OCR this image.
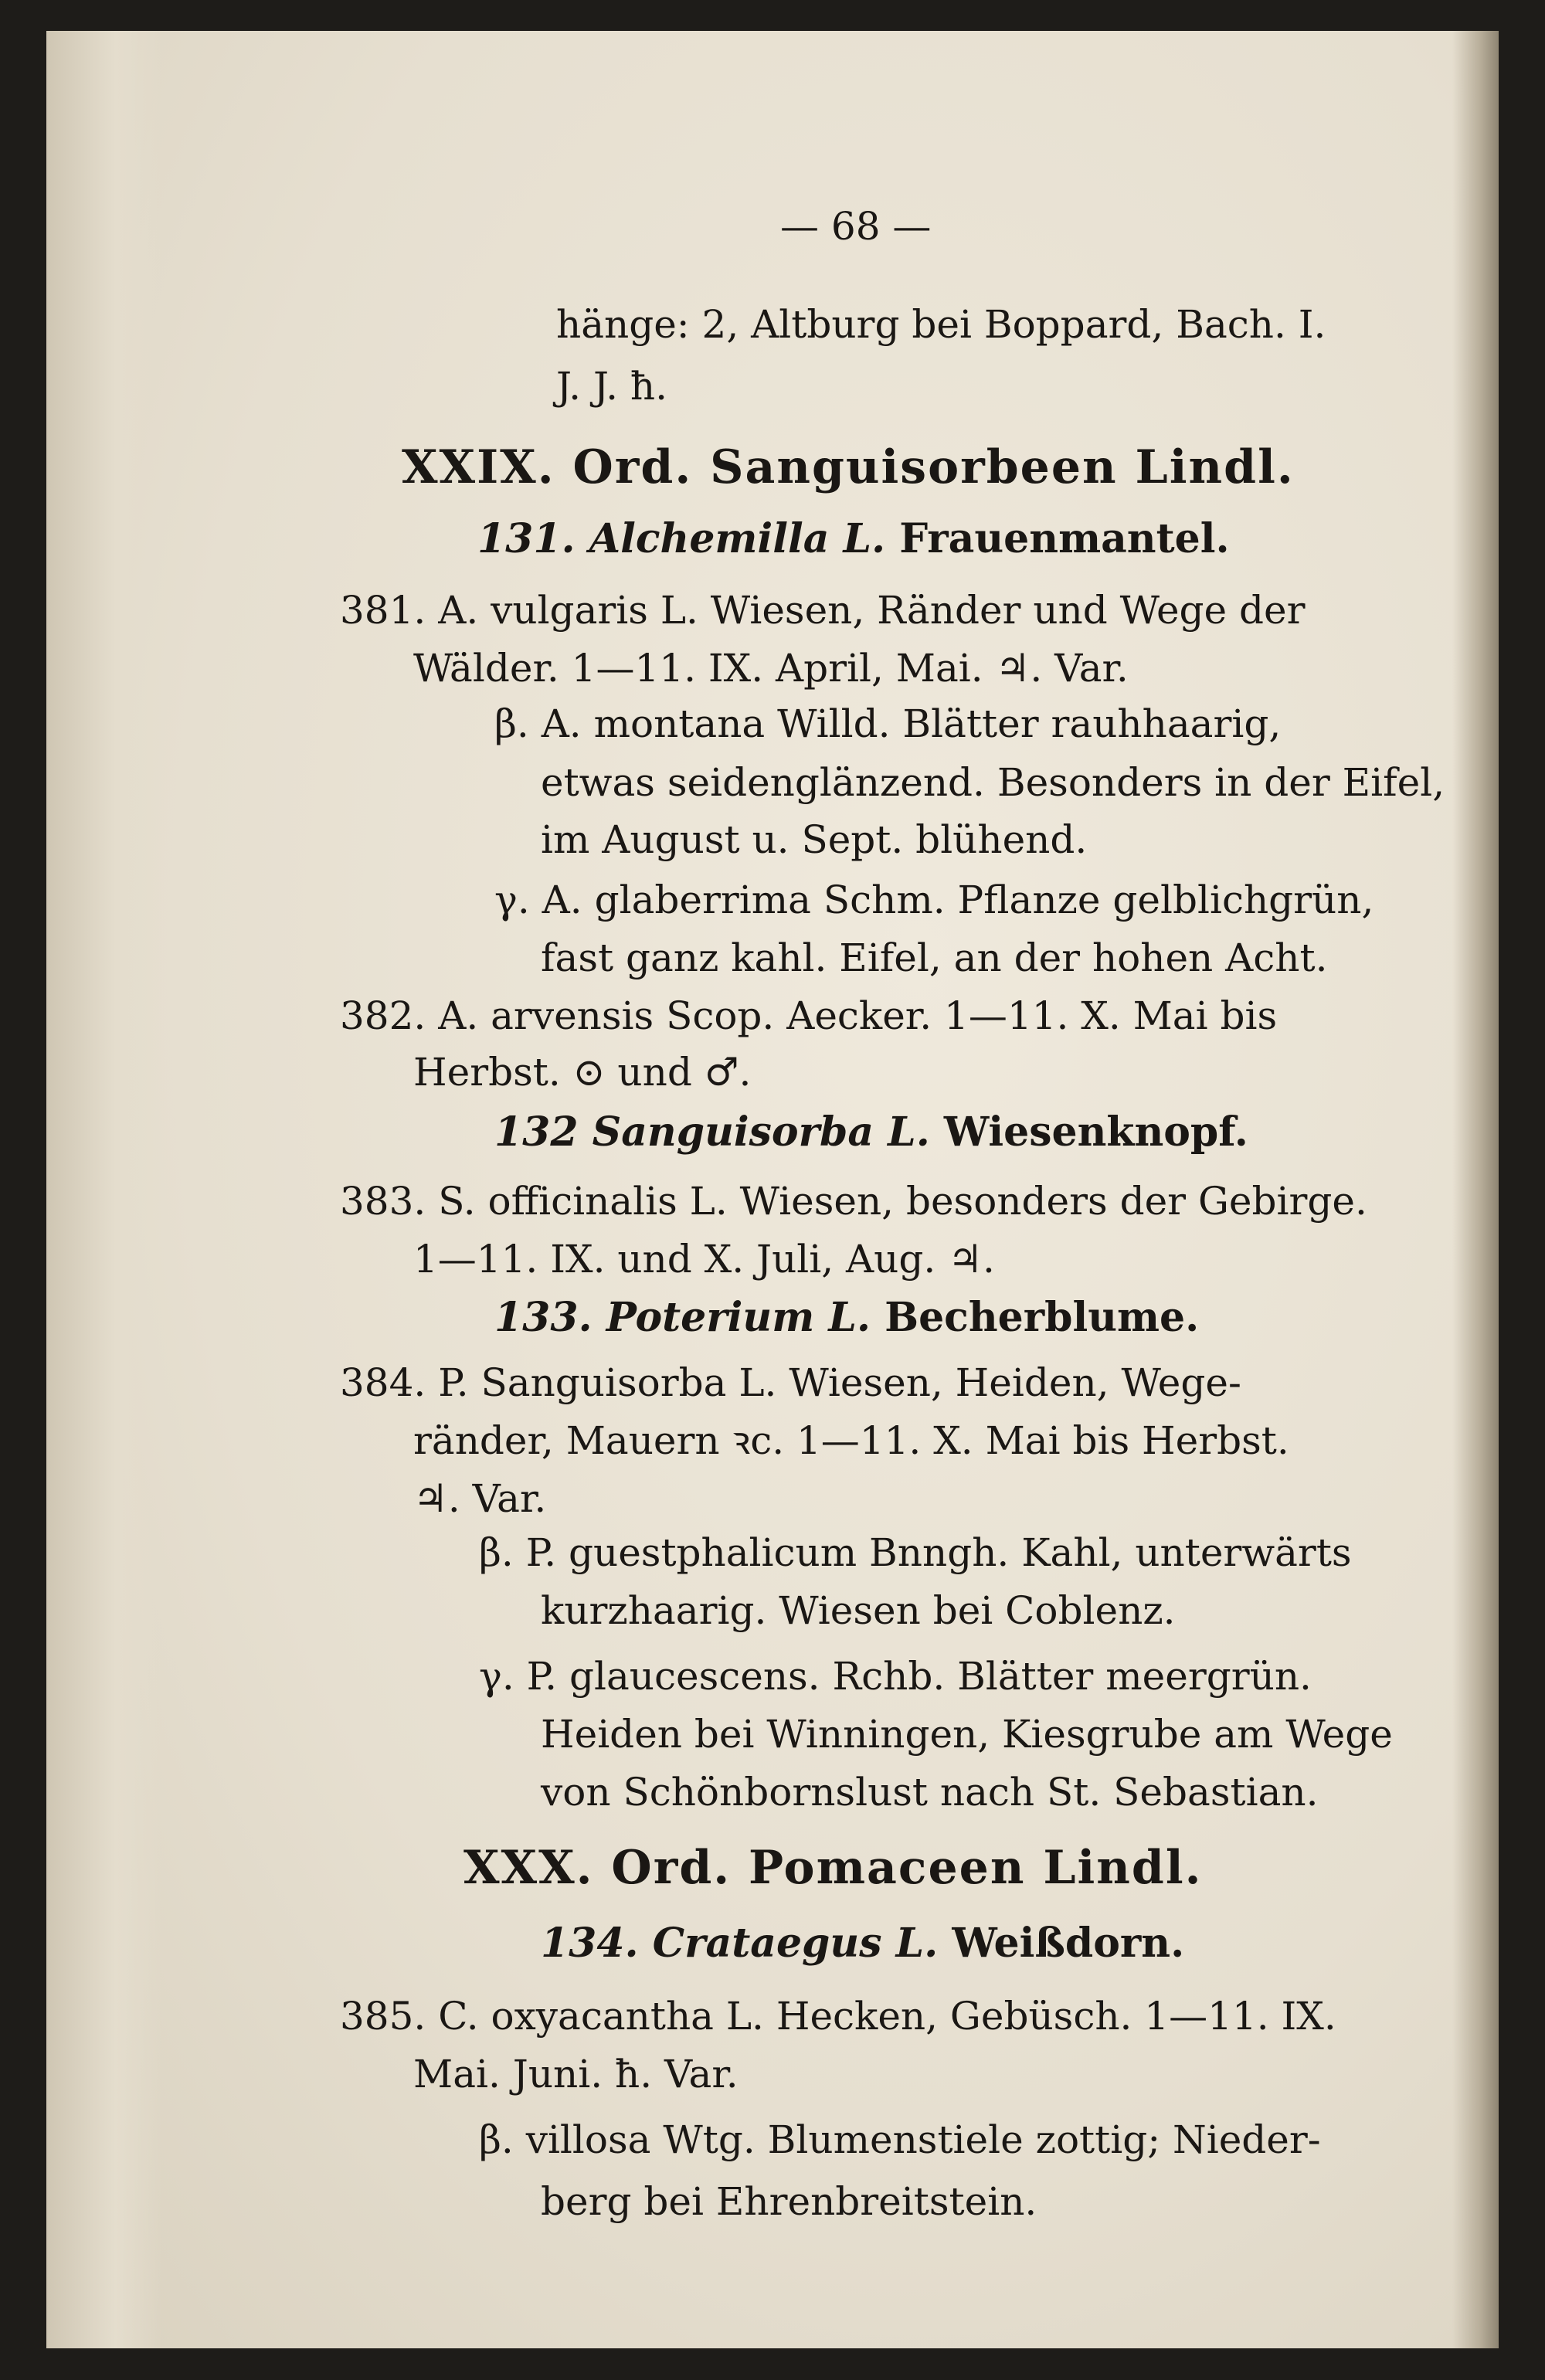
— 68 —
hänge: 2, Altburg bei Boppard, Bach. I.
J. J. ħ.
XXIX. Ord. Sanguisorbeen Lindl.
131. Alchemilla L. Frauenmantel.
381. A. vulgaris L. Wiesen, Ränder und Wege der
Wälder. 1—11. IX. April, Mai. ♃. Var.
β. A. montana Willd. Blätter rauhhaarig,
etwas seidenglänzend. Besonders in der Eifel,
im August u. Sept. blühend.
γ. A. glaberrima Schm. Pflanze gelblichgrün,
fast ganz kahl. Eifel, an der hohen Acht.
382. A. arvensis Scop. Aecker. 1—11. X. Mai bis
Herbst. ⊙ und ♂.
132 Sanguisorba L. Wiesenknopf.
383. S. officinalis L. Wiesen, besonders der Gebirge.
1—11. IX. und X. Juli, Aug. ♃.
133. Poterium L. Becherblume.
384. P. Sanguisorba L. Wiesen, Heiden, Wege-
ränder, Mauern ꝛc. 1—11. X. Mai bis Herbst.
♃. Var.
β. P. guestphalicum Bnngh. Kahl, unterwärts
kurzhaarig. Wiesen bei Coblenz.
γ. P. glaucescens. Rchb. Blätter meergrün.
Heiden bei Winningen, Kiesgrube am Wege
von Schönbornslust nach St. Sebastian.
XXX. Ord. Pomaceen Lindl.
134. Crataegus L. Weißdorn.
385. C. oxyacantha L. Hecken, Gebüsch. 1—11. IX.
Mai. Juni. ħ. Var.
β. villosa Wtg. Blumenstiele zottig; Nieder-
berg bei Ehrenbreitstein.
